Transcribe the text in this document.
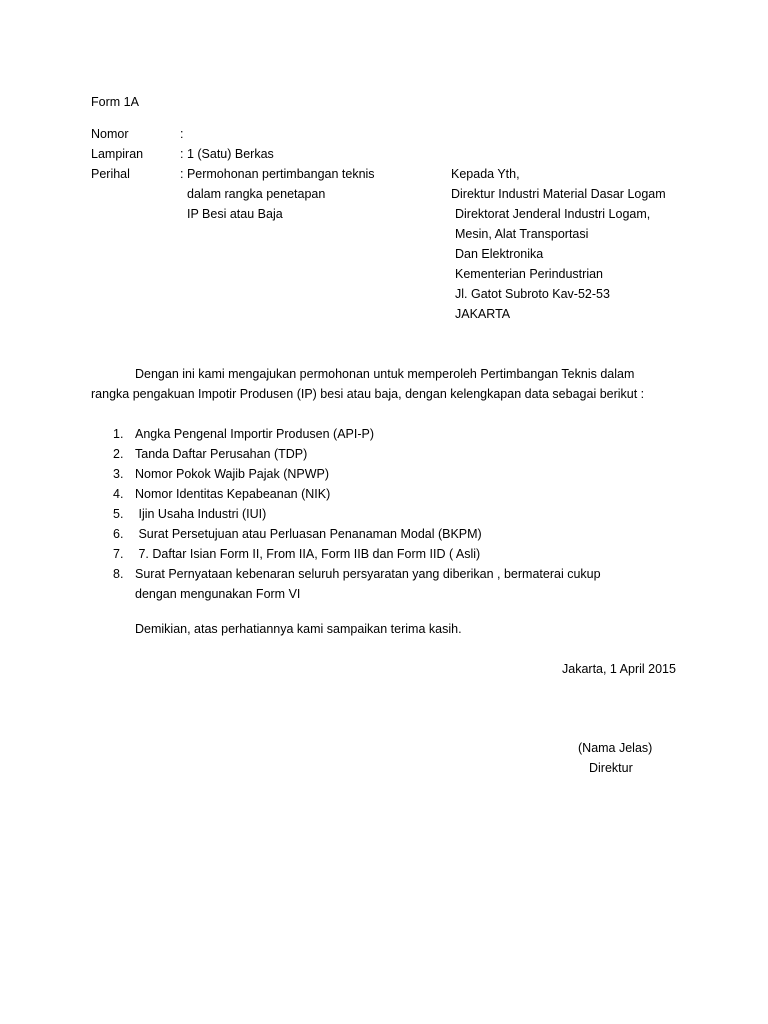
Form 1A
Nomor	:
Lampiran	: 1 (Satu) Berkas
Perihal	: Permohonan pertimbangan teknis
dalam rangka penetapan
IP Besi atau Baja
Kepada Yth,
Direktur Industri Material Dasar Logam
Direktorat Jenderal Industri Logam,
Mesin, Alat Transportasi
Dan Elektronika
Kementerian Perindustrian
Jl. Gatot Subroto Kav-52-53
JAKARTA
Dengan ini kami mengajukan permohonan untuk memperoleh Pertimbangan Teknis dalam
rangka pengakuan Impotir Produsen (IP) besi atau baja, dengan kelengkapan data sebagai berikut :
1. Angka Pengenal Importir Produsen (API-P)
2. Tanda Daftar Perusahan (TDP)
3. Nomor Pokok Wajib Pajak (NPWP)
4. Nomor Identitas Kepabeanan (NIK)
5. Ijin Usaha Industri (IUI)
6. Surat Persetujuan atau Perluasan Penanaman Modal (BKPM)
7. 7. Daftar Isian Form II, From IIA, Form IIB dan Form IID ( Asli)
8. Surat Pernyataan kebenaran seluruh persyaratan yang diberikan , bermaterai cukup
dengan mengunakan Form VI
Demikian, atas perhatiannya kami sampaikan terima kasih.
Jakarta, 1 April 2015
(Nama Jelas)
Direktur
